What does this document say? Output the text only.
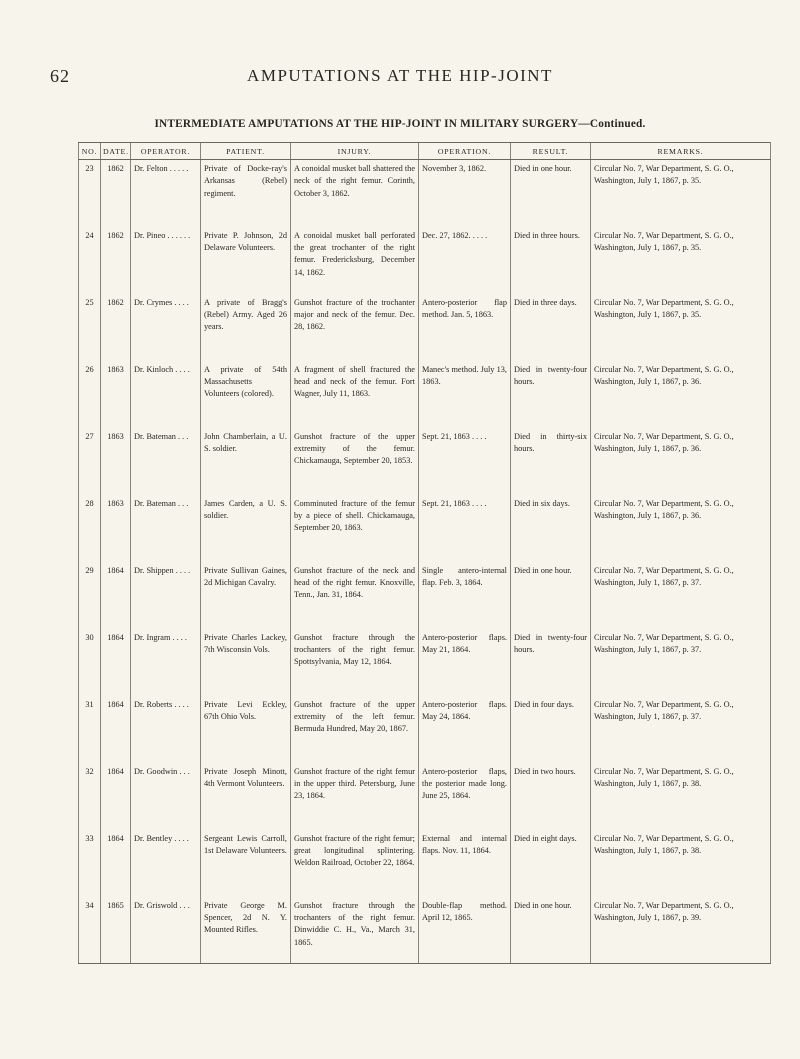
62	AMPUTATIONS AT THE HIP-JOINT
INTERMEDIATE AMPUTATIONS AT THE HIP-JOINT IN MILITARY SURGERY—Continued.
NO.	DATE.	OPERATOR.	PATIENT.	INJURY.	OPERATION.	RESULT.	REMARKS.
23	1862	Dr. Felton . . . . .	Private of Docke-ray's Arkansas (Rebel) regiment.	A conoidal musket ball shattered the neck of the right femur. Corinth, October 3, 1862.	November 3, 1862.	Died in one hour.	Circular No. 7, War Department, S. G. O., Washington, July 1, 1867, p. 35.
24	1862	Dr. Pineo . . . . . .	Private P. Johnson, 2d Delaware Volunteers.	A conoidal musket ball perforated the great trochanter of the right femur. Fredericksburg, December 14, 1862.	Dec. 27, 1862. . . . .	Died in three hours.	Circular No. 7, War Department, S. G. O., Washington, July 1, 1867, p. 35.
25	1862	Dr. Crymes . . . .	A private of Bragg's (Rebel) Army. Aged 26 years.	Gunshot fracture of the trochanter major and neck of the femur. Dec. 28, 1862.	Antero-posterior flap method. Jan. 5, 1863.	Died in three days.	Circular No. 7, War Department, S. G. O., Washington, July 1, 1867, p. 35.
26	1863	Dr. Kinloch . . . .	A private of 54th Massachusetts Volunteers (colored).	A fragment of shell fractured the head and neck of the femur. Fort Wagner, July 11, 1863.	Manec's method. July 13, 1863.	Died in twenty-four hours.	Circular No. 7, War Department, S. G. O., Washington, July 1, 1867, p. 36.
27	1863	Dr. Bateman . . .	John Chamberlain, a U. S. soldier.	Gunshot fracture of the upper extremity of the femur. Chickamauga, September 20, 1853.	Sept. 21, 1863 . . . .	Died in thirty-six hours.	Circular No. 7, War Department, S. G. O., Washington, July 1, 1867, p. 36.
28	1863	Dr. Bateman . . .	James Carden, a U. S. soldier.	Comminuted fracture of the femur by a piece of shell. Chickamauga, September 20, 1863.	Sept. 21, 1863 . . . .	Died in six days.	Circular No. 7, War Department, S. G. O., Washington, July 1, 1867, p. 36.
29	1864	Dr. Shippen . . . .	Private Sullivan Gaines, 2d Michigan Cavalry.	Gunshot fracture of the neck and head of the right femur. Knoxville, Tenn., Jan. 31, 1864.	Single antero-internal flap. Feb. 3, 1864.	Died in one hour.	Circular No. 7, War Department, S. G. O., Washington, July 1, 1867, p. 37.
30	1864	Dr. Ingram . . . .	Private Charles Lackey, 7th Wisconsin Vols.	Gunshot fracture through the trochanters of the right femur. Spottsylvania, May 12, 1864.	Antero-posterior flaps. May 21, 1864.	Died in twenty-four hours.	Circular No. 7, War Department, S. G. O., Washington, July 1, 1867, p. 37.
31	1864	Dr. Roberts . . . .	Private Levi Eckley, 67th Ohio Vols.	Gunshot fracture of the upper extremity of the left femur. Bermuda Hundred, May 20, 1867.	Antero-posterior flaps. May 24, 1864.	Died in four days.	Circular No. 7, War Department, S. G. O., Washington, July 1, 1867, p. 37.
32	1864	Dr. Goodwin . . .	Private Joseph Minott, 4th Vermont Volunteers.	Gunshot fracture of the right femur in the upper third. Petersburg, June 23, 1864.	Antero-posterior flaps, the posterior made long. June 25, 1864.	Died in two hours.	Circular No. 7, War Department, S. G. O., Washington, July 1, 1867, p. 38.
33	1864	Dr. Bentley . . . .	Sergeant Lewis Carroll, 1st Delaware Volunteers.	Gunshot fracture of the right femur; great longitudinal splintering. Weldon Railroad, October 22, 1864.	External and internal flaps. Nov. 11, 1864.	Died in eight days.	Circular No. 7, War Department, S. G. O., Washington, July 1, 1867, p. 38.
34	1865	Dr. Griswold . . .	Private George M. Spencer, 2d N. Y. Mounted Rifles.	Gunshot fracture through the trochanters of the right femur. Dinwiddie C. H., Va., March 31, 1865.	Double-flap method. April 12, 1865.	Died in one hour.	Circular No. 7, War Department, S. G. O., Washington, July 1, 1867, p. 39.
